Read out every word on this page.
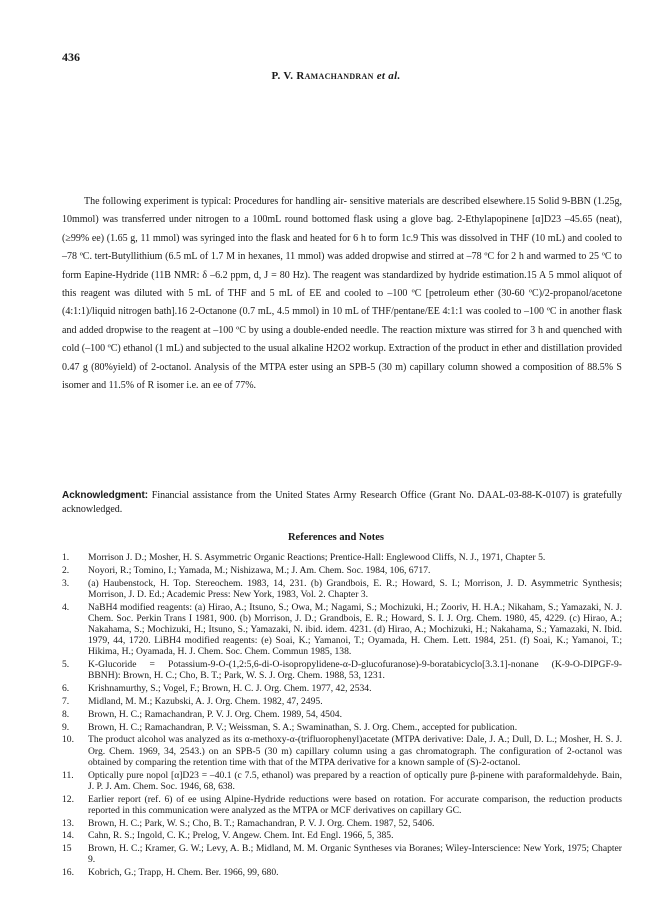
436
P. V. Ramachandran et al.

The following experiment is typical: Procedures for handling air- sensitive materials are described elsewhere.15 Solid 9-BBN (1.25g, 10mmol) was transferred under nitrogen to a 100mL round bottomed flask using a glove bag. 2-Ethylapopinene [α]D23 –45.65 (neat), (≥99% ee) (1.65 g, 11 mmol) was syringed into the flask and heated for 6 h to form 1c.9 This was dissolved in THF (10 mL) and cooled to –78 ºC. tert-Butyllithium (6.5 mL of 1.7 M in hexanes, 11 mmol) was added dropwise and stirred at –78 ºC for 2 h and warmed to 25 ºC to form Eapine-Hydride (11B NMR: δ –6.2 ppm, d, J = 80 Hz). The reagent was standardized by hydride estimation.15 A 5 mmol aliquot of this reagent was diluted with 5 mL of THF and 5 mL of EE and cooled to –100 ºC [petroleum ether (30-60 ºC)/2-propanol/acetone (4:1:1)/liquid nitrogen bath].16 2-Octanone (0.7 mL, 4.5 mmol) in 10 mL of THF/pentane/EE 4:1:1 was cooled to –100 ºC in another flask and added dropwise to the reagent at –100 ºC by using a double-ended needle. The reaction mixture was stirred for 3 h and quenched with cold (–100 ºC) ethanol (1 mL) and subjected to the usual alkaline H2O2 workup. Extraction of the product in ether and distillation provided 0.47 g (80%yield) of 2-octanol. Analysis of the MTPA ester using an SPB-5 (30 m) capillary column showed a composition of 88.5% S isomer and 11.5% of R isomer i.e. an ee of 77%.

Acknowledgment: Financial assistance from the United States Army Research Office (Grant No. DAAL-03-88-K-0107) is gratefully acknowledged.
References and Notes
1.	Morrison J. D.; Mosher, H. S. Asymmetric Organic Reactions; Prentice-Hall: Englewood Cliffs, N. J., 1971, Chapter 5.
2.	Noyori, R.; Tomino, I.; Yamada, M.; Nishizawa, M.; J. Am. Chem. Soc. 1984, 106, 6717.
3.	(a) Haubenstock, H. Top. Stereochem. 1983, 14, 231. (b) Grandbois, E. R.; Howard, S. I.; Morrison, J. D. Asymmetric Synthesis; Morrison, J. D. Ed.; Academic Press: New York, 1983, Vol. 2. Chapter 3.
4.	NaBH4 modified reagents: (a) Hirao, A.; Itsuno, S.; Owa, M.; Nagami, S.; Mochizuki, H.; Zooriv, H. H.A.; Nikaham, S.; Yamazaki, N. J. Chem. Soc. Perkin Trans I 1981, 900. (b) Morrison, J. D.; Grandbois, E. R.; Howard, S. I. J. Org. Chem. 1980, 45, 4229. (c) Hirao, A.; Nakahama, S.; Mochizuki, H.; Itsuno, S.; Yamazaki, N. ibid. idem. 4231. (d) Hirao, A.; Mochizuki, H.; Nakahama, S.; Yamazaki, N. Ibid. 1979, 44, 1720. LiBH4 modified reagents: (e) Soai, K.; Yamanoi, T.; Oyamada, H. Chem. Lett. 1984, 251. (f) Soai, K.; Yamanoi, T.; Hikima, H.; Oyamada, H. J. Chem. Soc. Chem. Commun 1985, 138.
5.	K-Glucoride = Potassium-9-O-(1,2:5,6-di-O-isopropylidene-α-D-glucofuranose)-9-boratabicyclo[3.3.1]-nonane (K-9-O-DIPGF-9-BBNH): Brown, H. C.; Cho, B. T.; Park, W. S. J. Org. Chem. 1988, 53, 1231.
6.	Krishnamurthy, S.; Vogel, F.; Brown, H. C. J. Org. Chem. 1977, 42, 2534.
7.	Midland, M. M.; Kazubski, A. J. Org. Chem. 1982, 47, 2495.
8.	Brown, H. C.; Ramachandran, P. V. J. Org. Chem. 1989, 54, 4504.
9.	Brown, H. C.; Ramachandran, P. V.; Weissman, S. A.; Swaminathan, S. J. Org. Chem., accepted for publication.
10.	The product alcohol was analyzed as its α-methoxy-α-(trifluorophenyl)acetate (MTPA derivative: Dale, J. A.; Dull, D. L.; Mosher, H. S. J. Org. Chem. 1969, 34, 2543.) on an SPB-5 (30 m) capillary column using a gas chromatograph. The configuration of 2-octanol was obtained by comparing the retention time with that of the MTPA derivative for a known sample of (S)-2-octanol.
11.	Optically pure nopol [α]D23 = –40.1 (c 7.5, ethanol) was prepared by a reaction of optically pure β-pinene with paraformaldehyde. Bain, J. P. J. Am. Chem. Soc. 1946, 68, 638.
12.	Earlier report (ref. 6) of ee using Alpine-Hydride reductions were based on rotation. For accurate comparison, the reduction products reported in this communication were analyzed as the MTPA or MCF derivatives on capillary GC.
13.	Brown, H. C.; Park, W. S.; Cho, B. T.; Ramachandran, P. V. J. Org. Chem. 1987, 52, 5406.
14.	Cahn, R. S.; Ingold, C. K.; Prelog, V. Angew. Chem. Int. Ed Engl. 1966, 5, 385.
15	Brown, H. C.; Kramer, G. W.; Levy, A. B.; Midland, M. M. Organic Syntheses via Boranes; Wiley-Interscience: New York, 1975; Chapter 9.
16.	Kobrich, G.; Trapp, H. Chem. Ber. 1966, 99, 680.
